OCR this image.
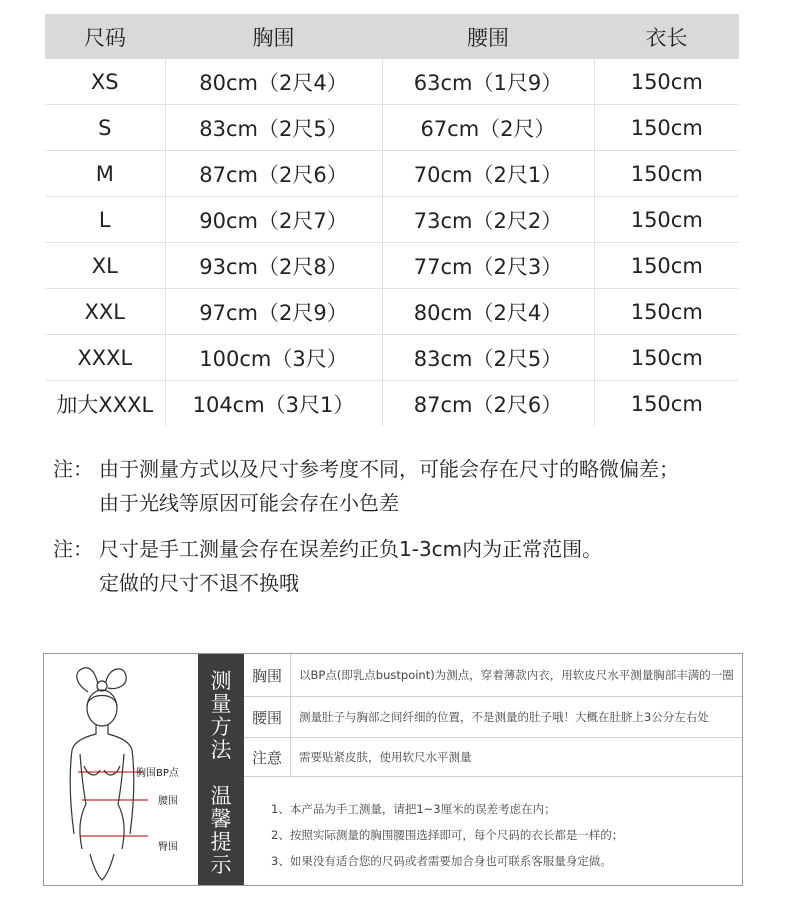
尺码	胸围	腰围	衣长
XS	80cm（2尺4）	63cm（1尺9）	150cm
S	83cm（2尺5）	67cm（2尺）	150cm
M	87cm（2尺6）	70cm（2尺1）	150cm
L	90cm（2尺7）	73cm（2尺2）	150cm
XL	93cm（2尺8）	77cm（2尺3）	150cm
XXL	97cm（2尺9）	80cm（2尺4）	150cm
XXXL	100cm（3尺）	83cm（2尺5）	150cm
加大XXXL	104cm（3尺1）	87cm（2尺6）	150cm
注： 由于测量方式以及尺寸参考度不同，可能会存在尺寸的略微偏差；
由于光线等原因可能会存在小色差
注： 尺寸是手工测量会存在误差约正负1-3cm内为正常范围。
定做的尺寸不退不换哦
胸围BP点
腰围
臀围
测
量
方
法
温
馨
提
示
胸围	以BP点(即乳点bustpoint)为测点，穿着薄款内衣，用软皮尺水平测量胸部丰满的一圈
腰围	测量肚子与胸部之间纤细的位置，不是测量的肚子哦！大概在肚脐上3公分左右处
注意	需要贴紧皮肤，使用软尺水平测量
1、本产品为手工测量，请把1~3厘米的误差考虑在内；
2、按照实际测量的胸围腰围选择即可，每个尺码的衣长都是一样的；
3、如果没有适合您的尺码或者需要加合身也可联系客服量身定做。
